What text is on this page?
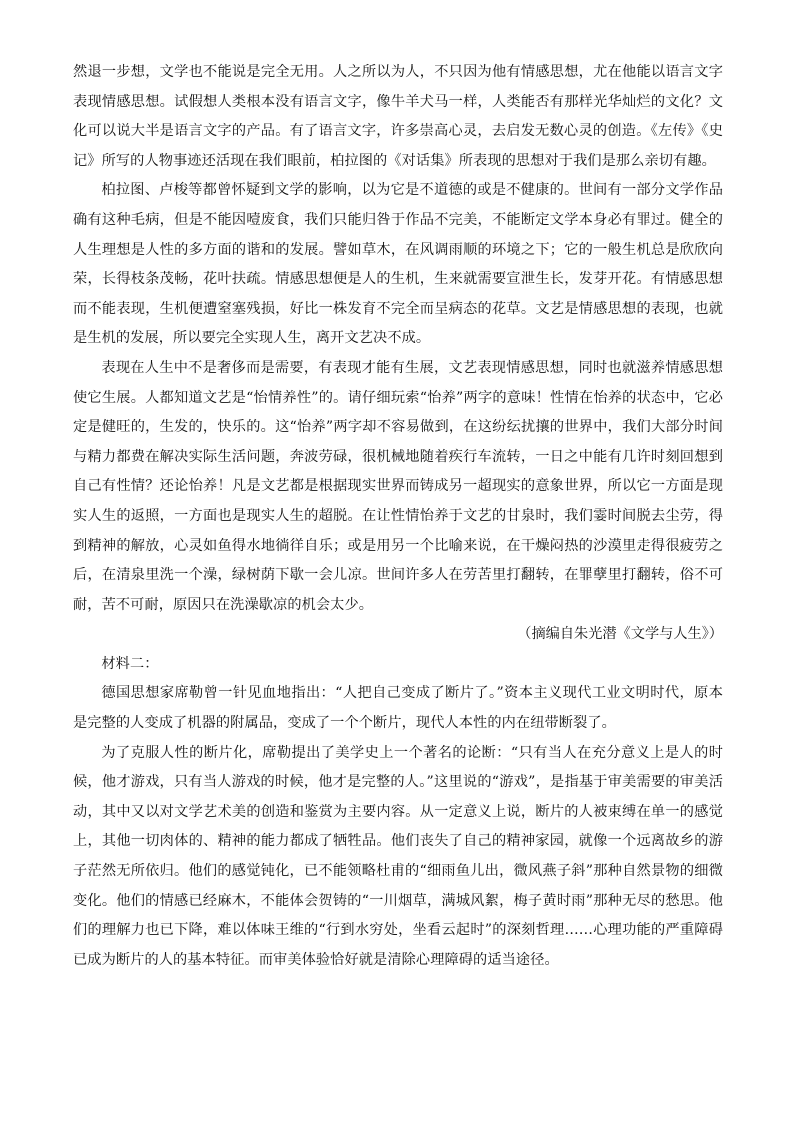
然退一步想，文学也不能说是完全无用。人之所以为人，不只因为他有情感思想，尤在他能以语言文字表现情感思想。试假想人类根本没有语言文字，像牛羊犬马一样，人类能否有那样光华灿烂的文化？文化可以说大半是语言文字的产品。有了语言文字，许多崇高心灵，去启发无数心灵的创造。《左传》《史记》所写的人物事迹还活现在我们眼前，柏拉图的《对话集》所表现的思想对于我们是那么亲切有趣。

柏拉图、卢梭等都曾怀疑到文学的影响，以为它是不道德的或是不健康的。世间有一部分文学作品确有这种毛病，但是不能因噎废食，我们只能归咎于作品不完美，不能断定文学本身必有罪过。健全的人生理想是人性的多方面的谐和的发展。譬如草木，在风调雨顺的环境之下；它的一般生机总是欣欣向荣，长得枝条茂畅，花叶扶疏。情感思想便是人的生机，生来就需要宣泄生长，发芽开花。有情感思想而不能表现，生机便遭窒塞残损，好比一株发育不完全而呈病态的花草。文艺是情感思想的表现，也就是生机的发展，所以要完全实现人生，离开文艺决不成。

表现在人生中不是奢侈而是需要，有表现才能有生展，文艺表现情感思想，同时也就滋养情感思想使它生展。人都知道文艺是“怡情养性”的。请仔细玩索“怡养”两字的意味！性情在怡养的状态中，它必定是健旺的，生发的，快乐的。这“怡养”两字却不容易做到，在这纷纭扰攘的世界中，我们大部分时间与精力都费在解决实际生活问题，奔波劳碌，很机械地随着疾行车流转，一日之中能有几许时刻回想到自己有性情？还论怡养！凡是文艺都是根据现实世界而铸成另一超现实的意象世界，所以它一方面是现实人生的返照，一方面也是现实人生的超脱。在让性情怡养于文艺的甘泉时，我们霎时间脱去尘劳，得到精神的解放，心灵如鱼得水地徜徉自乐；或是用另一个比喻来说，在干燥闷热的沙漠里走得很疲劳之后，在清泉里洗一个澡，绿树荫下歇一会儿凉。世间许多人在劳苦里打翻转，在罪孽里打翻转，俗不可耐，苦不可耐，原因只在洗澡歇凉的机会太少。

（摘编自朱光潜《文学与人生》）

材料二：

德国思想家席勒曾一针见血地指出：“人把自己变成了断片了。”资本主义现代工业文明时代，原本是完整的人变成了机器的附属品，变成了一个个断片，现代人本性的内在纽带断裂了。

为了克服人性的断片化，席勒提出了美学史上一个著名的论断：“只有当人在充分意义上是人的时候，他才游戏，只有当人游戏的时候，他才是完整的人。”这里说的“游戏”，是指基于审美需要的审美活动，其中又以对文学艺术美的创造和鉴赏为主要内容。从一定意义上说，断片的人被束缚在单一的感觉上，其他一切肉体的、精神的能力都成了牺牲品。他们丧失了自己的精神家园，就像一个远离故乡的游子茫然无所依归。他们的感觉钝化，已不能领略杜甫的“细雨鱼儿出，微风燕子斜”那种自然景物的细微变化。他们的情感已经麻木，不能体会贺铸的“一川烟草，满城风絮，梅子黄时雨”那种无尽的愁思。他们的理解力也已下降，难以体味王维的“行到水穷处，坐看云起时”的深刻哲理……心理功能的严重障碍已成为断片的人的基本特征。而审美体验恰好就是清除心理障碍的适当途径。
